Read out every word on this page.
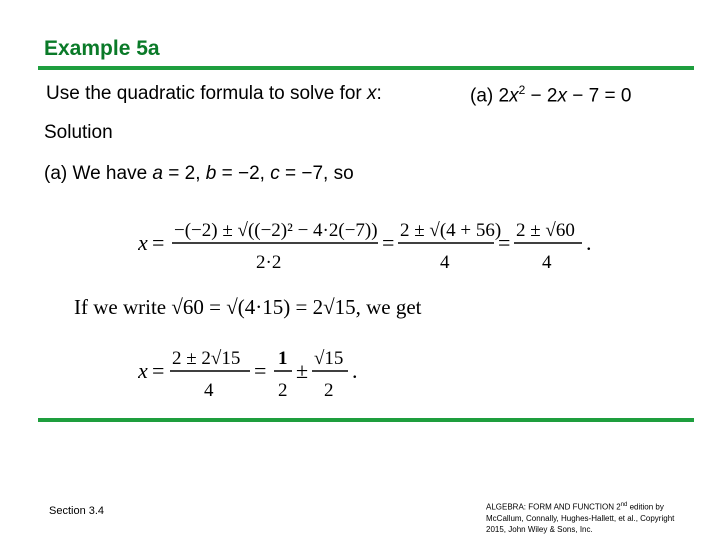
Example 5a
Use the quadratic formula to solve for x:	(a) $2x^2 - 2x - 7 = 0$
Solution
(a) We have a = 2, b = −2, c = −7, so
x = −(−2) ± √((−2)² − 4·2(−7))
2·2
= 2 ± √(4 + 56)
4
= 2 ± √60
4
.
If we write √60 = √(4·15) = 2√15, we get
x = 2 ± 2√15
4
= 1
2
± √15
2
.
Section 3.4	ALGEBRA: FORM AND FUNCTION 2nd edition by McCallum, Connally, Hughes-Hallett, et al., Copyright 2015, John Wiley & Sons, Inc.
